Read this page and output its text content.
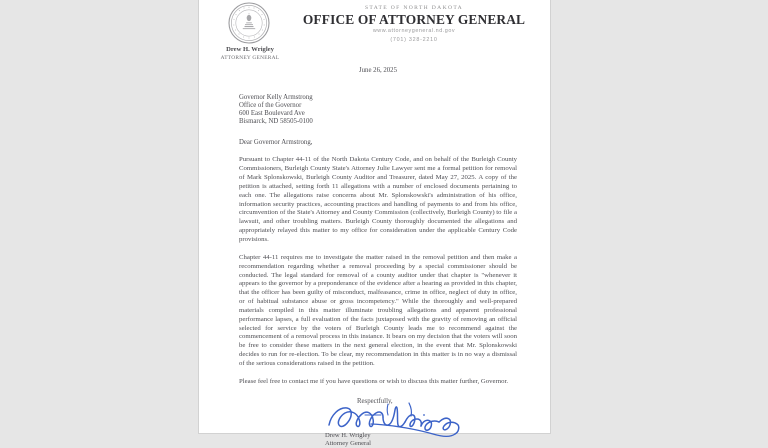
STATE OF NORTH DAKOTA
OFFICE OF ATTORNEY GENERAL
www.attorneygeneral.nd.gov
(701) 328-2210
Drew H. Wrigley
ATTORNEY GENERAL
June 26, 2025
Governor Kelly Armstrong
Office of the Governor
600 East Boulevard Ave
Bismarck, ND 58505-0100
Dear Governor Armstrong,

Pursuant to Chapter 44-11 of the North Dakota Century Code, and on behalf of the Burleigh County Commissioners, Burleigh County State's Attorney Julie Lawyer sent me a formal petition for removal of Mark Splonskowski, Burleigh County Auditor and Treasurer, dated May 27, 2025. A copy of the petition is attached, setting forth 11 allegations with a number of enclosed documents pertaining to each one. The allegations raise concerns about Mr. Splonskowski's administration of his office, information security practices, accounting practices and handling of payments to and from his office, circumvention of the State's Attorney and County Commission (collectively, Burleigh County) to file a lawsuit, and other troubling matters. Burleigh County thoroughly documented the allegations and appropriately relayed this matter to my office for consideration under the applicable Century Code provisions.

Chapter 44-11 requires me to investigate the matter raised in the removal petition and then make a recommendation regarding whether a removal proceeding by a special commissioner should be conducted. The legal standard for removal of a county auditor under that chapter is "whenever it appears to the governor by a preponderance of the evidence after a hearing as provided in this chapter, that the officer has been guilty of misconduct, malfeasance, crime in office, neglect of duty in office, or of habitual substance abuse or gross incompetency." While the thoroughly and well-prepared materials compiled in this matter illuminate troubling allegations and apparent professional performance lapses, a full evaluation of the facts juxtaposed with the gravity of removing an official selected for service by the voters of Burleigh County leads me to recommend against the commencement of a removal process in this instance. It bears on my decision that the voters will soon be free to consider these matters in the next general election, in the event that Mr. Splonskowski decides to run for re-election. To be clear, my recommendation in this matter is in no way a dismissal of the serious considerations raised in the petition.

Please feel free to contact me if you have questions or wish to discuss this matter further, Governor.

Respectfully,
Drew H. Wrigley
Attorney General
